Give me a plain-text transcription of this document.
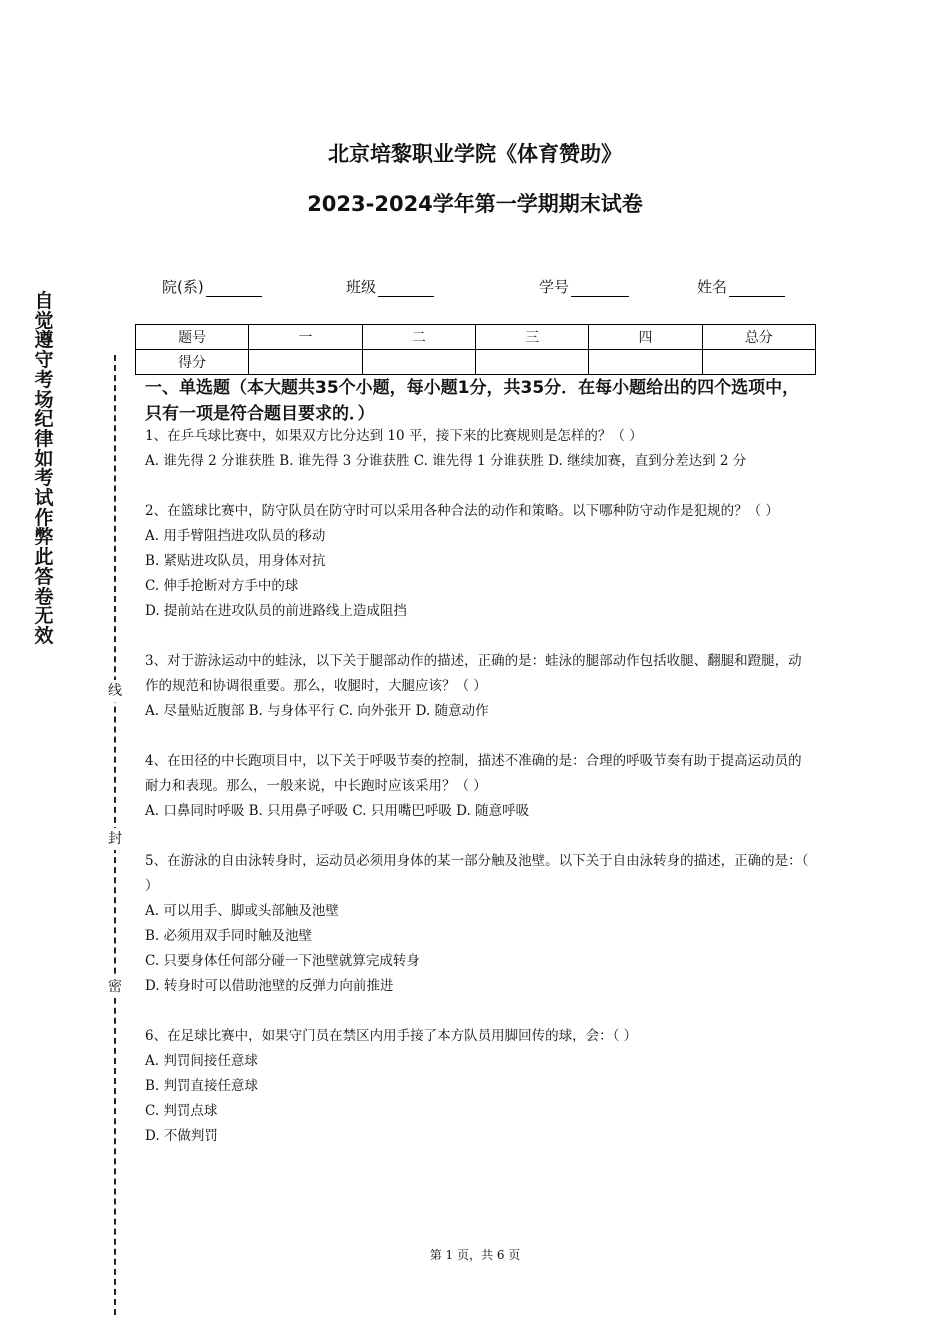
自
觉
遵
守
考
场
纪
律
如
考
试
作
弊
此
答
卷
无
效
线
封
密
北京培黎职业学院《体育赞助》
2023-2024学年第一学期期末试卷
院(系)	班级	学号	姓名
题号	一	二	三	四	总分
得分					
一、单选题（本大题共35个小题，每小题1分，共35分．在每小题给出的四个选项中，只有一项是符合题目要求的．）

1、在乒乓球比赛中，如果双方比分达到 10 平，接下来的比赛规则是怎样的？（ ）

A. 谁先得 2 分谁获胜 B. 谁先得 3 分谁获胜 C. 谁先得 1 分谁获胜 D. 继续加赛，直到分差达到 2 分

2、在篮球比赛中，防守队员在防守时可以采用各种合法的动作和策略。以下哪种防守动作是犯规的？（ ）

A. 用手臂阻挡进攻队员的移动

B. 紧贴进攻队员，用身体对抗

C. 伸手抢断对方手中的球

D. 提前站在进攻队员的前进路线上造成阻挡

3、对于游泳运动中的蛙泳，以下关于腿部动作的描述，正确的是：蛙泳的腿部动作包括收腿、翻腿和蹬腿，动作的规范和协调很重要。那么，收腿时，大腿应该？（ ）

A. 尽量贴近腹部 B. 与身体平行 C. 向外张开 D. 随意动作

4、在田径的中长跑项目中，以下关于呼吸节奏的控制，描述不准确的是：合理的呼吸节奏有助于提高运动员的耐力和表现。那么，一般来说，中长跑时应该采用？（ ）

A. 口鼻同时呼吸 B. 只用鼻子呼吸 C. 只用嘴巴呼吸 D. 随意呼吸

5、在游泳的自由泳转身时，运动员必须用身体的某一部分触及池壁。以下关于自由泳转身的描述，正确的是：（ ）

A. 可以用手、脚或头部触及池壁

B. 必须用双手同时触及池壁

C. 只要身体任何部分碰一下池壁就算完成转身

D. 转身时可以借助池壁的反弹力向前推进

6、在足球比赛中，如果守门员在禁区内用手接了本方队员用脚回传的球，会：（ ）

A. 判罚间接任意球

B. 判罚直接任意球

C. 判罚点球

D. 不做判罚

第 1 页，共 6 页
